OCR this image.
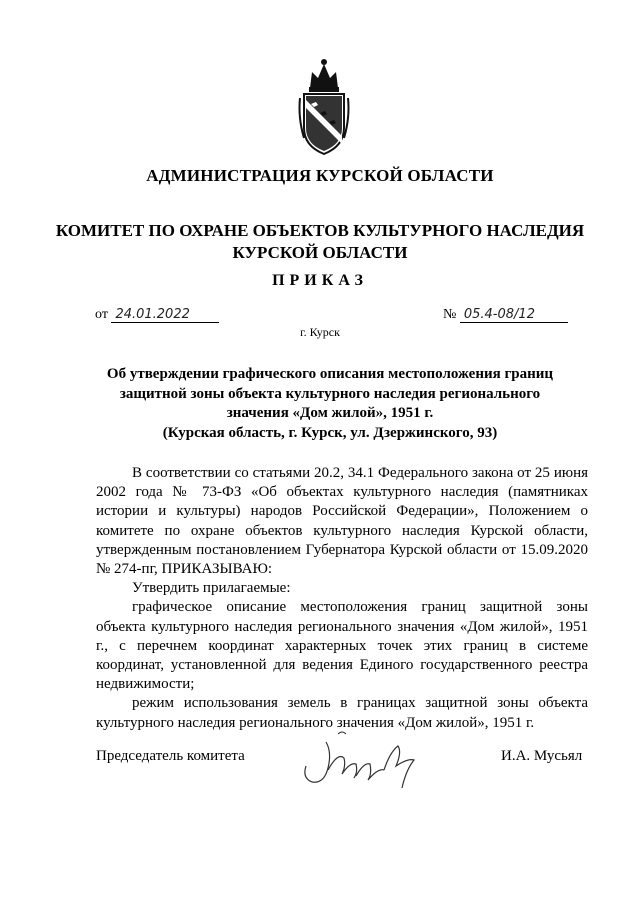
АДМИНИСТРАЦИЯ КУРСКОЙ ОБЛАСТИ
КОМИТЕТ ПО ОХРАНЕ ОБЪЕКТОВ КУЛЬТУРНОГО НАСЛЕДИЯ
КУРСКОЙ ОБЛАСТИ
ПРИКАЗ
от 24.01.2022	№ 05.4-08/12
г. Курск
Об утверждении графического описания местоположения границ
защитной зоны объекта культурного наследия регионального
значения «Дом жилой», 1951 г.
(Курская область, г. Курск, ул. Дзержинского, 93)

В соответствии со статьями 20.2, 34.1 Федерального закона от 25 июня 2002 года № 73-ФЗ «Об объектах культурного наследия (памятниках истории и культуры) народов Российской Федерации», Положением о комитете по охране объектов культурного наследия Курской области, утвержденным постановлением Губернатора Курской области от 15.09.2020 № 274-пг, ПРИКАЗЫВАЮ:

Утвердить прилагаемые:

графическое описание местоположения границ защитной зоны объекта культурного наследия регионального значения «Дом жилой», 1951 г., с перечнем координат характерных точек этих границ в системе координат, установленной для ведения Единого государственного реестра недвижимости;

режим использования земель в границах защитной зоны объекта культурного наследия регионального значения «Дом жилой», 1951 г.

Председатель комитета	И.А. Мусьял
